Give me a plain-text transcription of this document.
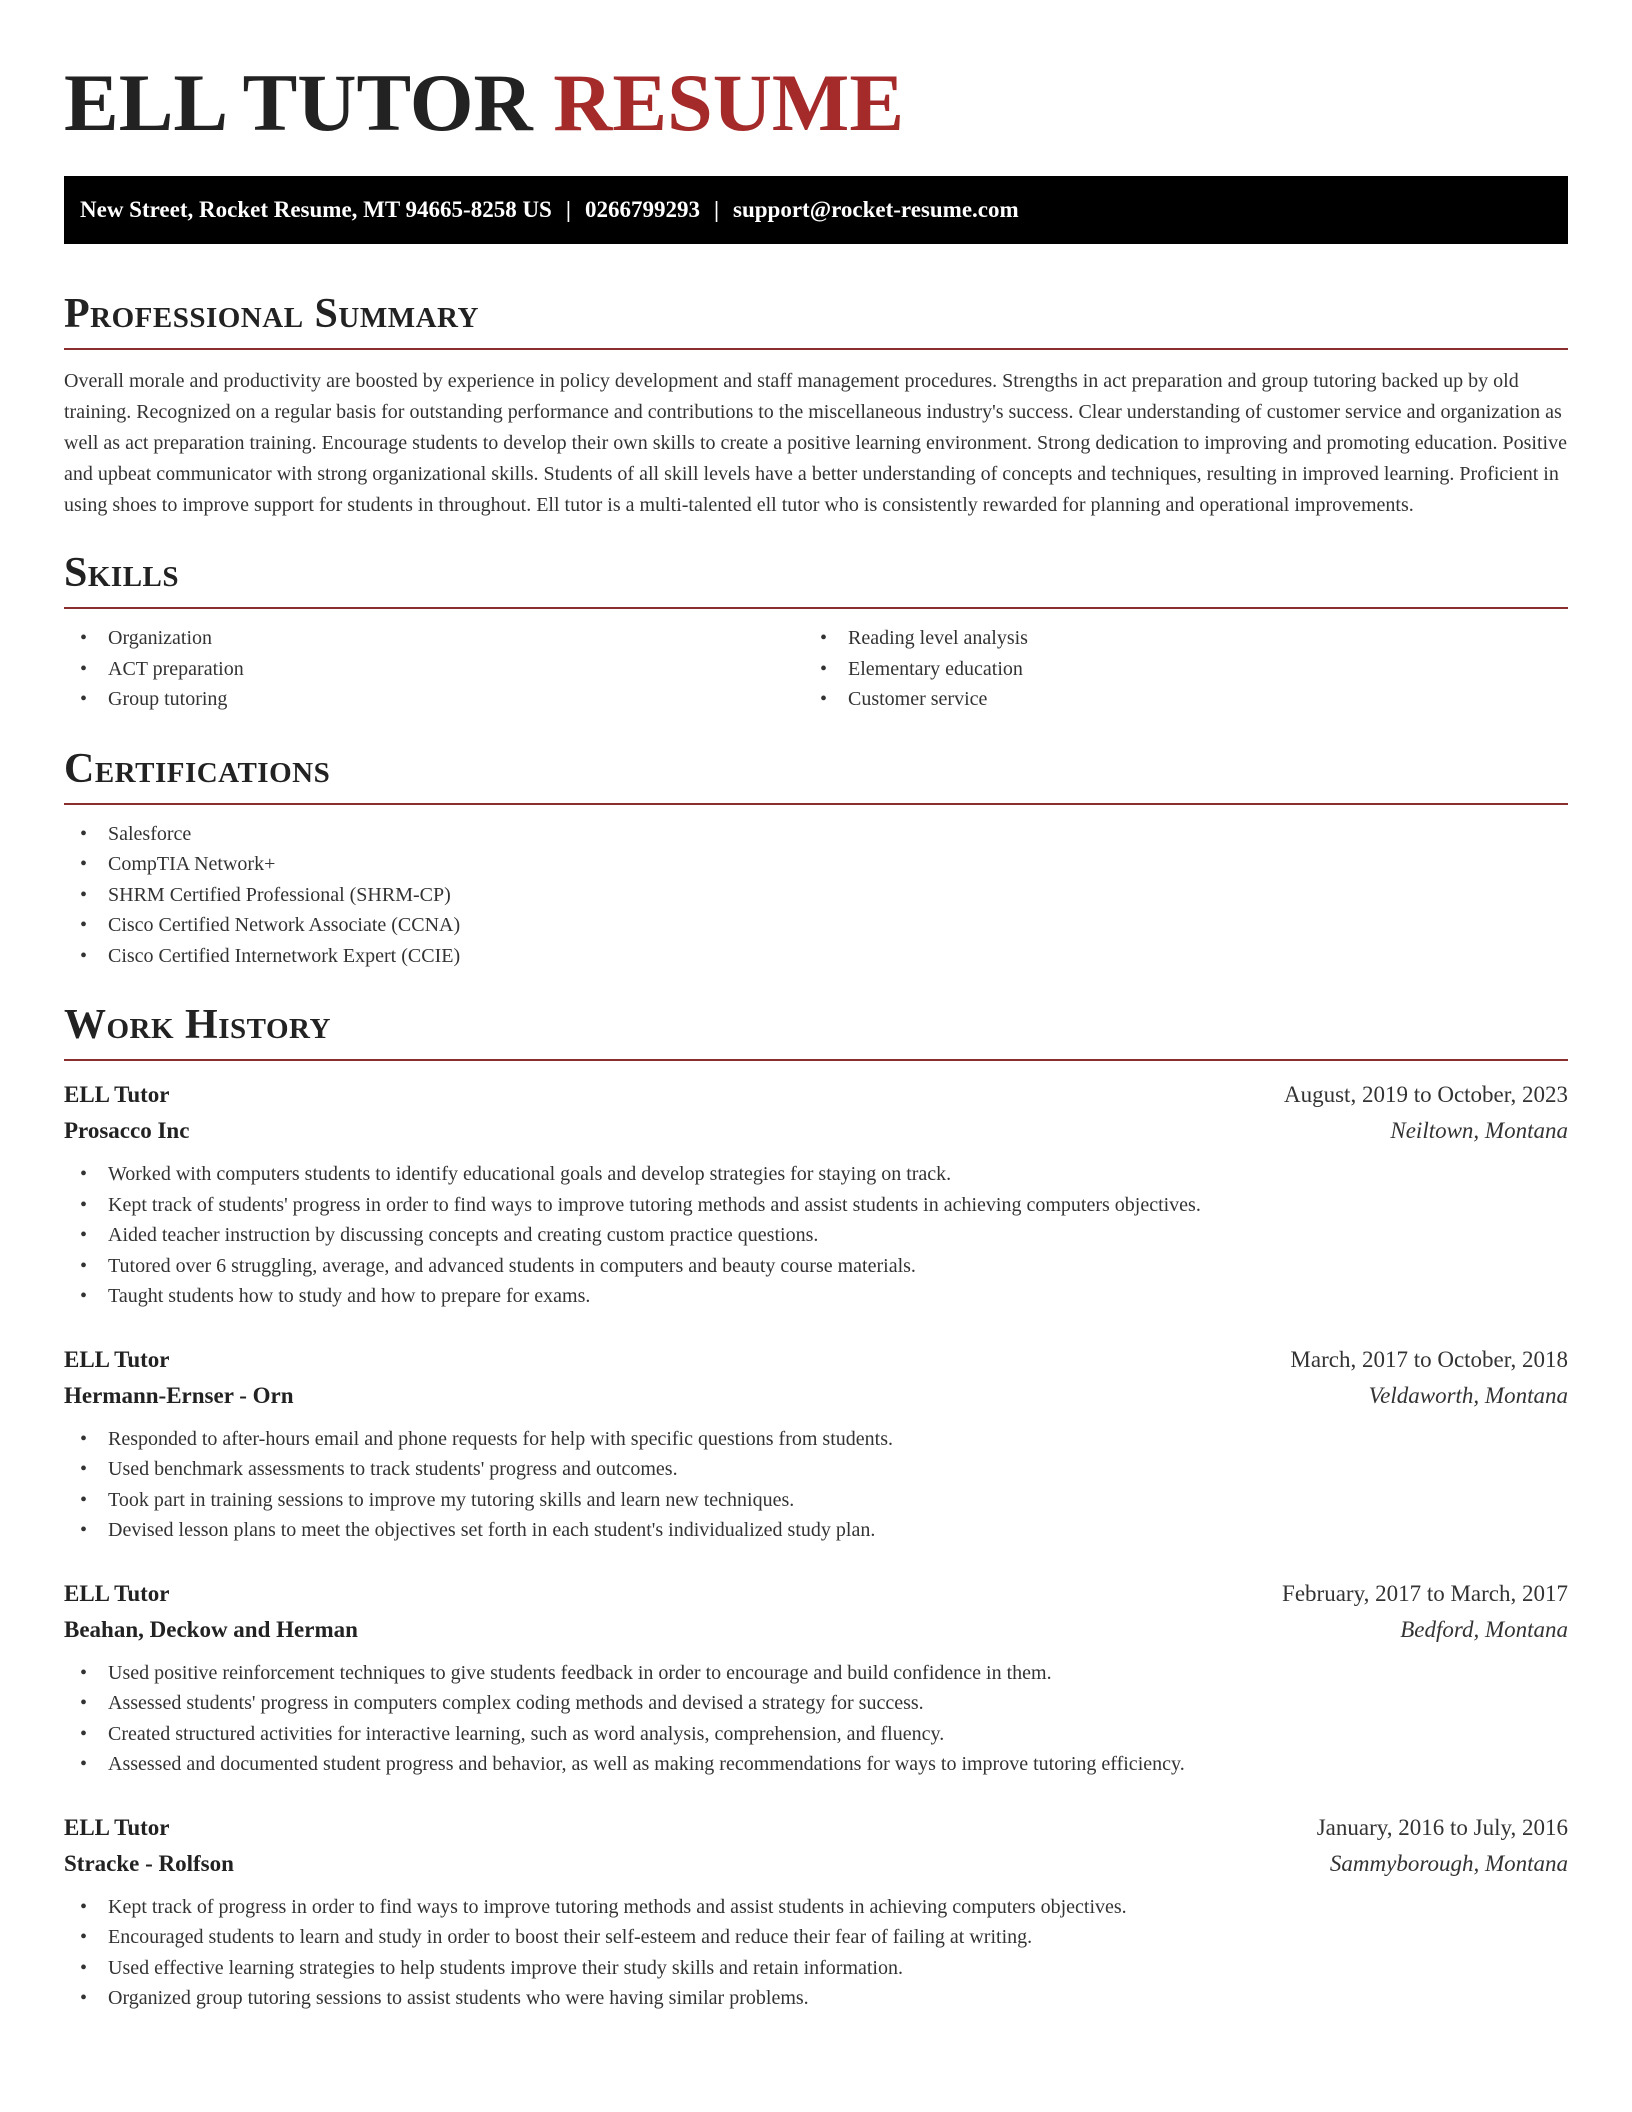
ELL TUTOR RESUME
New Street, Rocket Resume, MT 94665-8258 US | 0266799293 | support@rocket-resume.com
Professional Summary

Overall morale and productivity are boosted by experience in policy development and staff management procedures. Strengths in act preparation and group tutoring backed up by old training. Recognized on a regular basis for outstanding performance and contributions to the miscellaneous industry's success. Clear understanding of customer service and organization as well as act preparation training. Encourage students to develop their own skills to create a positive learning environment. Strong dedication to improving and promoting education. Positive and upbeat communicator with strong organizational skills. Students of all skill levels have a better understanding of concepts and techniques, resulting in improved learning. Proficient in using shoes to improve support for students in throughout. Ell tutor is a multi-talented ell tutor who is consistently rewarded for planning and operational improvements.

Skills
• Organization
• ACT preparation
• Group tutoring
• Reading level analysis
• Elementary education
• Customer service
Certifications
• Salesforce
• CompTIA Network+
• SHRM Certified Professional (SHRM-CP)
• Cisco Certified Network Associate (CCNA)
• Cisco Certified Internetwork Expert (CCIE)
Work History
ELL Tutor	August, 2019 to October, 2023
Prosacco Inc	Neiltown, Montana
• Worked with computers students to identify educational goals and develop strategies for staying on track.
• Kept track of students' progress in order to find ways to improve tutoring methods and assist students in achieving computers objectives.
• Aided teacher instruction by discussing concepts and creating custom practice questions.
• Tutored over 6 struggling, average, and advanced students in computers and beauty course materials.
• Taught students how to study and how to prepare for exams.
ELL Tutor	March, 2017 to October, 2018
Hermann-Ernser - Orn	Veldaworth, Montana
• Responded to after-hours email and phone requests for help with specific questions from students.
• Used benchmark assessments to track students' progress and outcomes.
• Took part in training sessions to improve my tutoring skills and learn new techniques.
• Devised lesson plans to meet the objectives set forth in each student's individualized study plan.
ELL Tutor	February, 2017 to March, 2017
Beahan, Deckow and Herman	Bedford, Montana
• Used positive reinforcement techniques to give students feedback in order to encourage and build confidence in them.
• Assessed students' progress in computers complex coding methods and devised a strategy for success.
• Created structured activities for interactive learning, such as word analysis, comprehension, and fluency.
• Assessed and documented student progress and behavior, as well as making recommendations for ways to improve tutoring efficiency.
ELL Tutor	January, 2016 to July, 2016
Stracke - Rolfson	Sammyborough, Montana
• Kept track of progress in order to find ways to improve tutoring methods and assist students in achieving computers objectives.
• Encouraged students to learn and study in order to boost their self-esteem and reduce their fear of failing at writing.
• Used effective learning strategies to help students improve their study skills and retain information.
• Organized group tutoring sessions to assist students who were having similar problems.
